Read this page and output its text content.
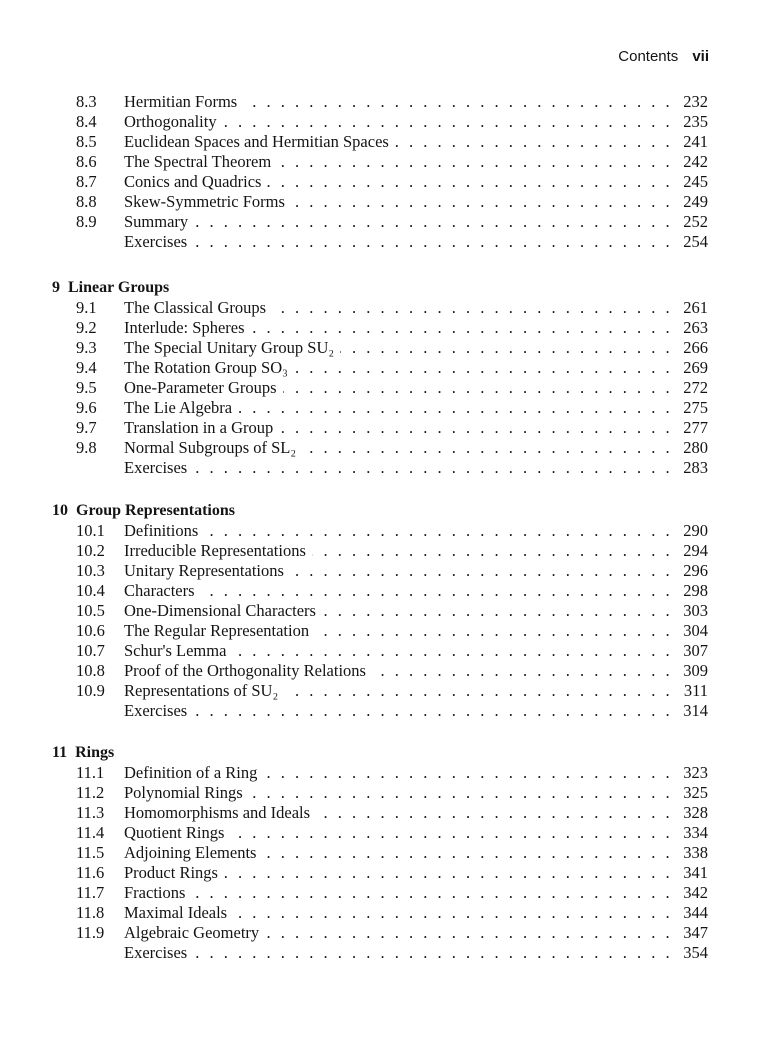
Contents vii
8.3 Hermitian Forms . . .	232
8.4 Orthogonality . . .	235
8.5 Euclidean Spaces and Hermitian Spaces . . .	241
8.6 The Spectral Theorem . . .	242
8.7 Conics and Quadrics . . .	245
8.8 Skew-Symmetric Forms . . .	249
8.9 Summary . . .	252
Exercises . . .	254
9 Linear Groups
9.1 The Classical Groups . . .	261
9.2 Interlude: Spheres . . .	263
9.3 The Special Unitary Group SU₂ . . .	266
9.4 The Rotation Group SO₃ . . .	269
9.5 One-Parameter Groups . . .	272
9.6 The Lie Algebra . . .	275
9.7 Translation in a Group . . .	277
9.8 Normal Subgroups of SL₂ . . .	280
Exercises . . .	283
10 Group Representations
10.1 Definitions . . .	290
10.2 Irreducible Representations . . .	294
10.3 Unitary Representations . . .	296
10.4 Characters . . .	298
10.5 One-Dimensional Characters . . .	303
10.6 The Regular Representation . . .	304
10.7 Schur's Lemma . . .	307
10.8 Proof of the Orthogonality Relations . . .	309
10.9 Representations of SU₂ . . .	311
Exercises . . .	314
11 Rings
11.1 Definition of a Ring . . .	323
11.2 Polynomial Rings . . .	325
11.3 Homomorphisms and Ideals . . .	328
11.4 Quotient Rings . . .	334
11.5 Adjoining Elements . . .	338
11.6 Product Rings . . .	341
11.7 Fractions . . .	342
11.8 Maximal Ideals . . .	344
11.9 Algebraic Geometry . . .	347
Exercises . . .	354
